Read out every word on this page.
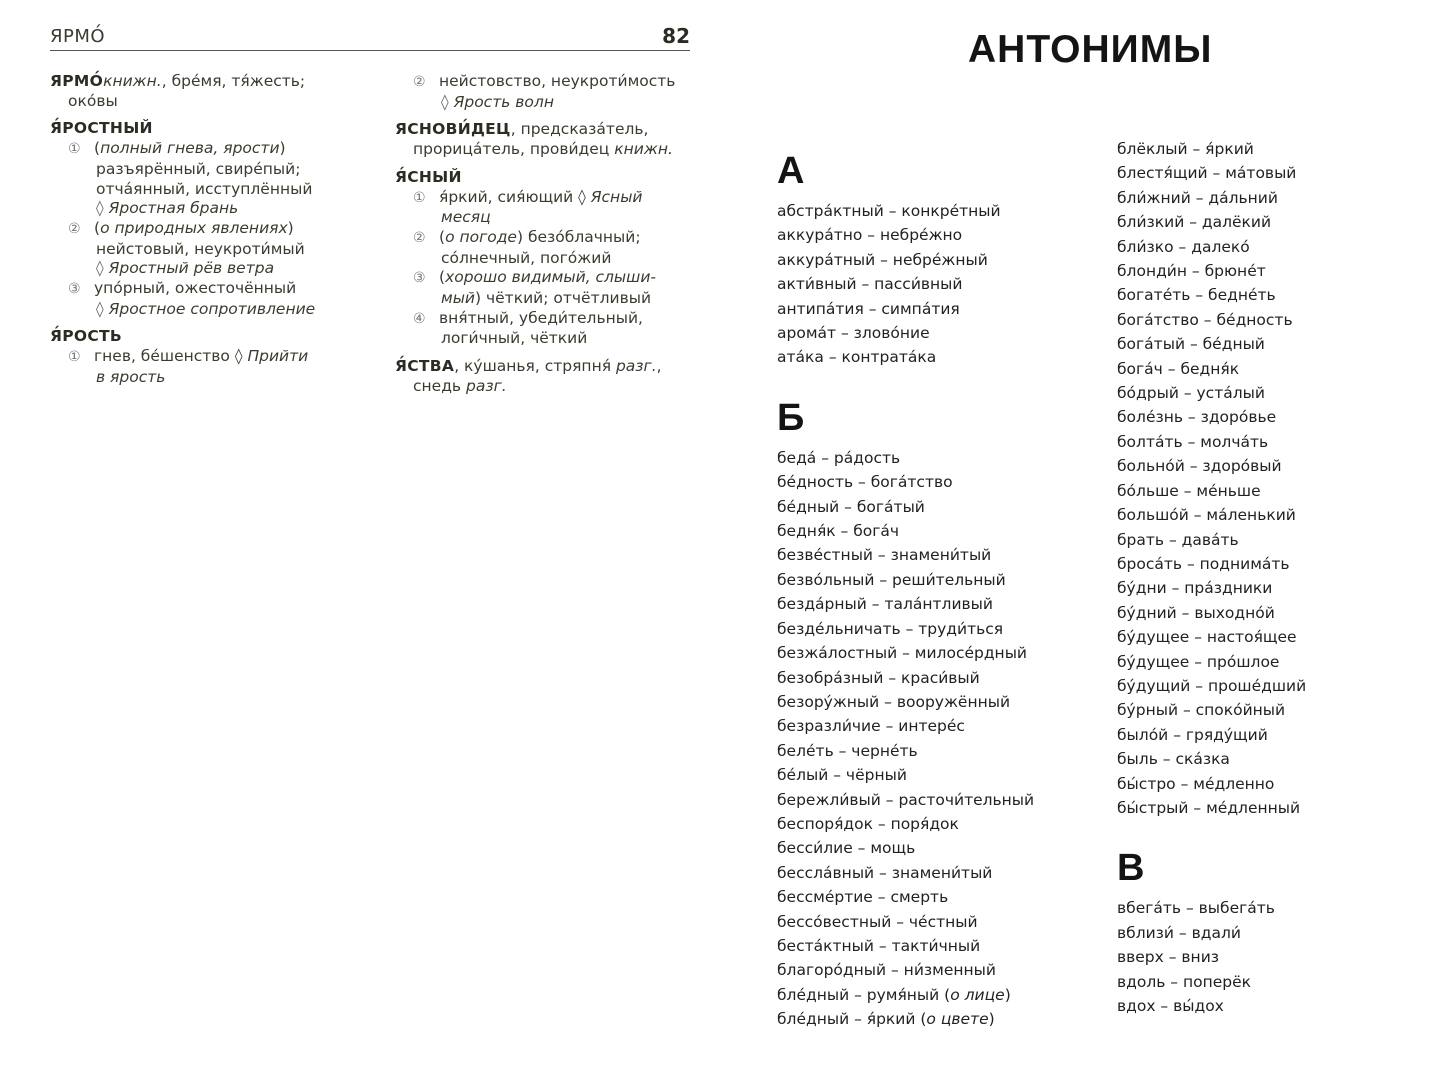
ЯРМО́	82
ЯРМО́книжн., бре́мя, тя́жесть;
око́вы
Я́РОСТНЫЙ
① (полный гнева, ярости)
разъярённый, свире́пый;
отча́янный, исступлённый
◊ Яростная брань
② (о природных явлениях)
нейстовый, неукроти́мый
◊ Яростный рёв ветра
③ упо́рный, ожесточённый
◊ Яростное сопротивление
Я́РОСТЬ
① гнев, бе́шенство ◊ Прийти
в ярость
② нейстовство, неукроти́мость
◊ Ярость волн
ЯСНОВИ́ДЕЦ, предсказа́тель,
прорица́тель, прови́дец книжн.
Я́СНЫЙ
① я́ркий, сия́ющий ◊ Ясный
месяц
② (о погоде) безо́блачный;
со́лнечный, пого́жий
③ (хорошо видимый, слыши-
мый) чёткий; отчётливый
④ вня́тный, убеди́тельный,
логи́чный, чёткий
Я́СТВА, ку́шанья, стряпня́ разг.,
снедь разг.
АНТОНИМЫ
А
абстра́ктный – конкре́тный
аккура́тно – небре́жно
аккура́тный – небре́жный
акти́вный – пасси́вный
антипа́тия – симпа́тия
арома́т – злово́ние
ата́ка – контрата́ка
Б
беда́ – ра́дость
бе́дность – бога́тство
бе́дный – бога́тый
бедня́к – бога́ч
безве́стный – знамени́тый
безво́льный – реши́тельный
безда́рный – тала́нтливый
безде́льничать – труди́ться
безжа́лостный – милосе́рдный
безобра́зный – краси́вый
безору́жный – вооружённый
безразли́чие – интере́с
беле́ть – черне́ть
бе́лый – чёрный
бережли́вый – расточи́тельный
беспоря́док – поря́док
бесси́лие – мощь
бессла́вный – знамени́тый
бессме́ртие – смерть
бессо́вестный – че́стный
беста́ктный – такти́чный
благоро́дный – ни́зменный
бле́дный – румя́ный (о лице)
бле́дный – я́ркий (о цвете)
блёклый – я́ркий
блестя́щий – ма́товый
бли́жний – да́льний
бли́зкий – далёкий
бли́зко – далеко́
блонди́н – брюне́т
богате́ть – бедне́ть
бога́тство – бе́дность
бога́тый – бе́дный
бога́ч – бедня́к
бо́дрый – уста́лый
боле́знь – здоро́вье
болта́ть – молча́ть
больно́й – здоро́вый
бо́льше – ме́ньше
большо́й – ма́ленький
брать – дава́ть
броса́ть – поднима́ть
бу́дни – пра́здники
бу́дний – выходно́й
бу́дущее – настоя́щее
бу́дущее – про́шлое
бу́дущий – проше́дший
бу́рный – споко́йный
было́й – гряду́щий
быль – ска́зка
бы́стро – ме́дленно
бы́стрый – ме́дленный
В
вбега́ть – выбега́ть
вблизи́ – вдали́
вверх – вниз
вдоль – поперёк
вдох – вы́дох
